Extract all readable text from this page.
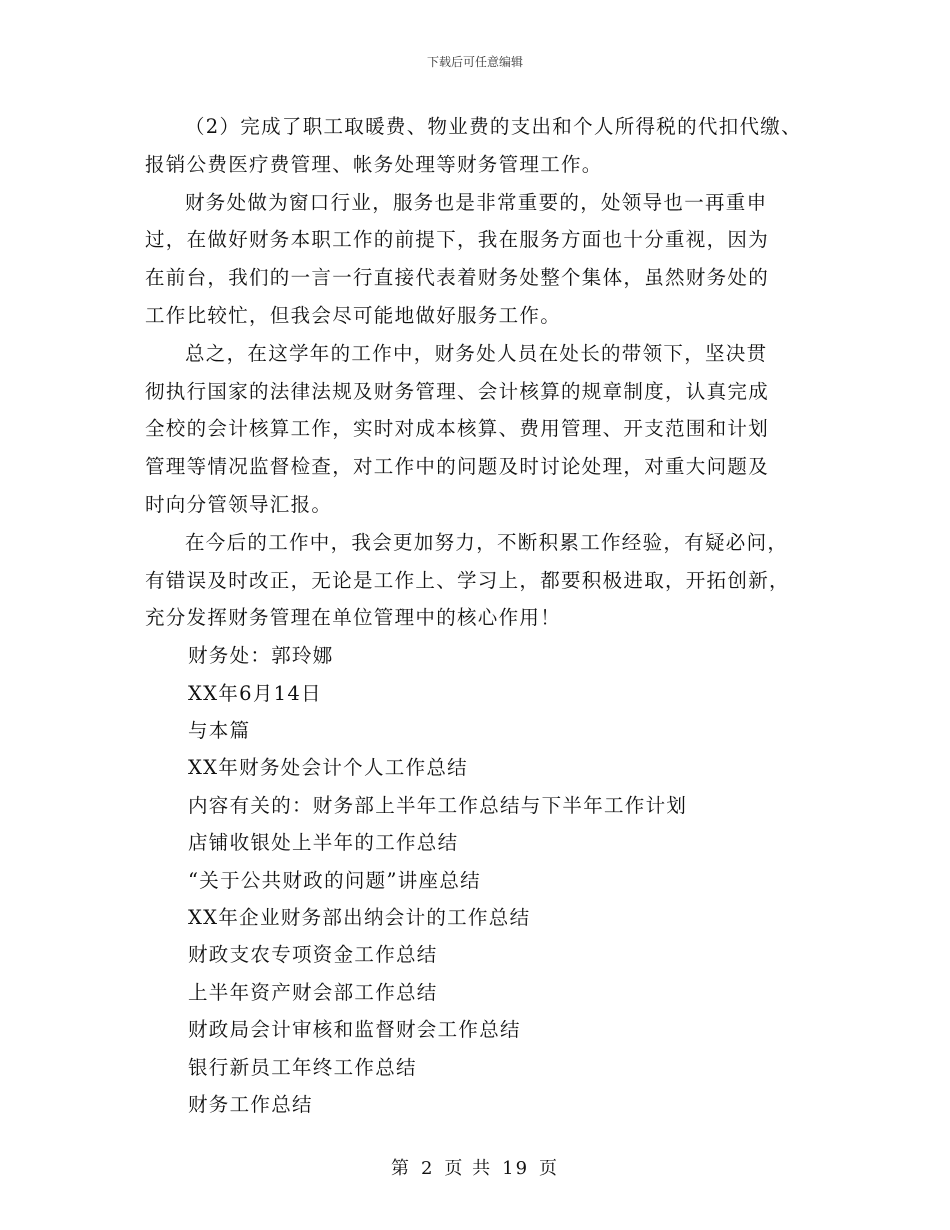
下载后可任意编辑

（2）完成了职工取暖费、物业费的支出和个人所得税的代扣代缴、
报销公费医疗费管理、帐务处理等财务管理工作。

财务处做为窗口行业，服务也是非常重要的，处领导也一再重申
过，在做好财务本职工作的前提下，我在服务方面也十分重视，因为
在前台，我们的一言一行直接代表着财务处整个集体，虽然财务处的
工作比较忙，但我会尽可能地做好服务工作。

总之，在这学年的工作中，财务处人员在处长的带领下，坚决贯
彻执行国家的法律法规及财务管理、会计核算的规章制度，认真完成
全校的会计核算工作，实时对成本核算、费用管理、开支范围和计划
管理等情况监督检查，对工作中的问题及时讨论处理，对重大问题及
时向分管领导汇报。

在今后的工作中，我会更加努力，不断积累工作经验，有疑必问，
有错误及时改正，无论是工作上、学习上，都要积极进取，开拓创新，
充分发挥财务管理在单位管理中的核心作用！

财务处：郭玲娜

XX年6月14日

与本篇

XX年财务处会计个人工作总结

内容有关的：财务部上半年工作总结与下半年工作计划

店铺收银处上半年的工作总结

“关于公共财政的问题”讲座总结

XX年企业财务部出纳会计的工作总结

财政支农专项资金工作总结

上半年资产财会部工作总结

财政局会计审核和监督财会工作总结

银行新员工年终工作总结

财务工作总结

第 2 页 共 19 页
